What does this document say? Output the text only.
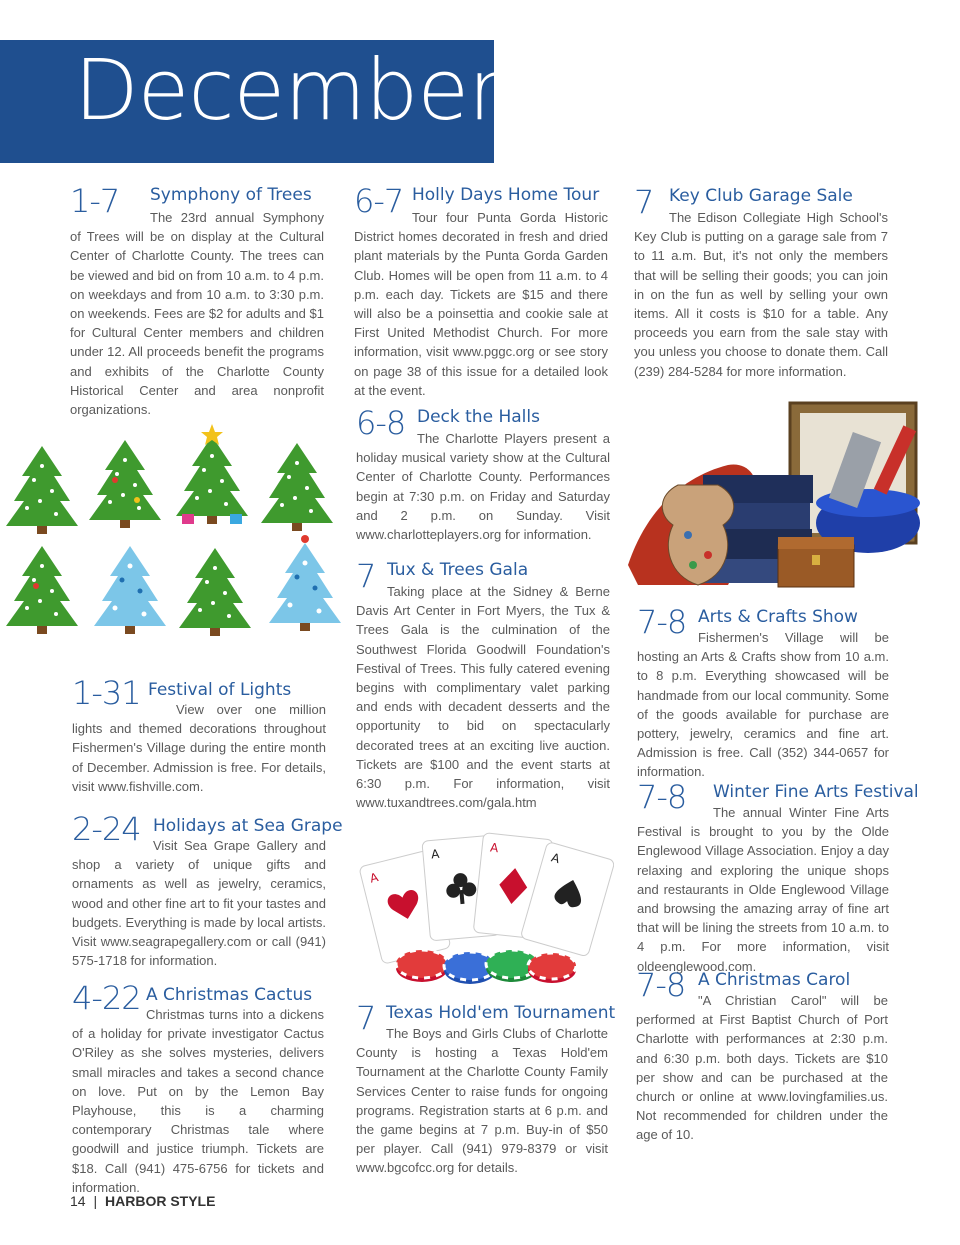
December
1-7 Symphony of Trees
The 23rd annual Symphony of Trees will be on display at the Cultural Center of Charlotte County. The trees can be viewed and bid on from 10 a.m. to 4 p.m. on weekdays and from 10 a.m. to 3:30 p.m. on weekends. Fees are $2 for adults and $1 for Cultural Center members and children under 12. All proceeds benefit the programs and exhibits of the Charlotte County Historical Center and area nonprofit organizations.
1-31 Festival of Lights
View over one million lights and themed decorations throughout Fishermen's Village during the entire month of December. Admission is free. For details, visit www.fishville.com.
2-24 Holidays at Sea Grape
Visit Sea Grape Gallery and shop a variety of unique gifts and ornaments as well as jewelry, ceramics, wood and other fine art to fit your tastes and budgets. Everything is made by local artists. Visit www.seagrapegallery.com or call (941) 575-1718 for information.
4-22 A Christmas Cactus
Christmas turns into a dickens of a holiday for private investigator Cactus O'Riley as she solves mysteries, delivers small miracles and takes a second chance on love. Put on by the Lemon Bay Playhouse, this is a charming contemporary Christmas tale where goodwill and justice triumph. Tickets are $18. Call (941) 475-6756 for tickets and information.
6-7 Holly Days Home Tour
Tour four Punta Gorda Historic District homes decorated in fresh and dried plant materials by the Punta Gorda Garden Club. Homes will be open from 11 a.m. to 4 p.m. each day. Tickets are $15 and there will also be a poinsettia and cookie sale at First United Methodist Church. For more information, visit www.pggc.org or see story on page 38 of this issue for a detailed look at the event.
6-8 Deck the Halls
The Charlotte Players present a holiday musical variety show at the Cultural Center of Charlotte County. Performances begin at 7:30 p.m. on Friday and Saturday and 2 p.m. on Sunday. Visit www.charlotteplayers.org for information.
7 Tux & Trees Gala
Taking place at the Sidney & Berne Davis Art Center in Fort Myers, the Tux & Trees Gala is the culmination of the Southwest Florida Goodwill Foundation's Festival of Trees. This fully catered evening begins with complimentary valet parking and ends with decadent desserts and the opportunity to bid on spectacularly decorated trees at an exciting live auction. Tickets are $100 and the event starts at 6:30 p.m. For information, visit www.tuxandtrees.com/gala.htm
A
A	A
A
7 Texas Hold'em Tournament
The Boys and Girls Clubs of Charlotte County is hosting a Texas Hold'em Tournament at the Charlotte County Family Services Center to raise funds for ongoing programs. Registration starts at 6 p.m. and the game begins at 7 p.m. Buy-in of $50 per player. Call (941) 979-8379 or visit www.bgcofcc.org for details.
7 Key Club Garage Sale
The Edison Collegiate High School's Key Club is putting on a garage sale from 7 to 11 a.m. But, it's not only the members that will be selling their goods; you can join in on the fun as well by selling your own items. All it costs is $10 for a table. Any proceeds you earn from the sale stay with you unless you choose to donate them. Call (239) 284-5284 for more information.
7-8 Arts & Crafts Show
Fishermen's Village will be hosting an Arts & Crafts show from 10 a.m. to 8 p.m. Everything showcased will be handmade from our local community. Some of the goods available for purchase are pottery, jewelry, ceramics and fine art. Admission is free. Call (352) 344-0657 for information.
7-8 Winter Fine Arts Festival
The annual Winter Fine Arts Festival is brought to you by the Olde Englewood Village Association. Enjoy a day relaxing and exploring the unique shops and restaurants in Olde Englewood Village and browsing the amazing array of fine art that will be lining the streets from 10 a.m. to 4 p.m. For more information, visit oldeenglewood.com.
7-8 A Christmas Carol
"A Christian Carol" will be performed at First Baptist Church of Port Charlotte with performances at 2:30 p.m. and 6:30 p.m. both days. Tickets are $10 per show and can be purchased at the church or online at www.lovingfamilies.us. Not recommended for children under the age of 10.
14 | HARBOR STYLE
